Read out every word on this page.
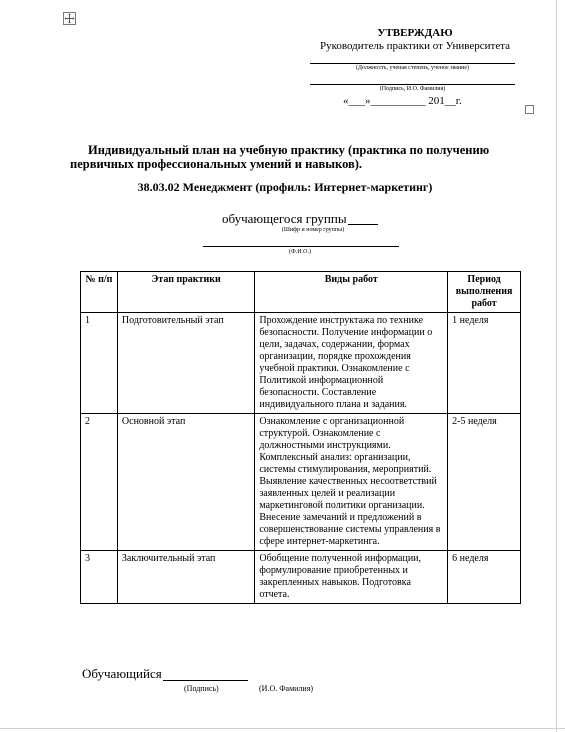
УТВЕРЖДАЮ
Руководитель практики от Университета
(Должность, ученая степень, ученое звание)
(Подпись, И.О. Фамилия)
«___»__________ 201__г.
Индивидуальный план на учебную практику (практика по получению первичных профессиональных умений и навыков).
38.03.02 Менеджмент (профиль: Интернет-маркетинг)
обучающегося группы
(Шифр и номер группы)
(Ф.И.О.)
№ п/п	Этап практики	Виды работ	Период выполнения работ
1	Подготовительный этап	Прохождение инструктажа по технике безопасности. Получение информации о цели, задачах, содержании, формах организации, порядке прохождения учебной практики. Ознакомление с Политикой информационной безопасности. Составление индивидуального плана и задания.	1 неделя
2	Основной этап	Ознакомление с организационной структурой. Ознакомление с должностными инструкциями. Комплексный анализ: организации, системы стимулирования, мероприятий. Выявление качественных несоответствий заявленных целей и реализации маркетинговой политики организации. Внесение замечаний и предложений в совершенствование системы управления в сфере интернет-маркетинга.	2-5 неделя
3	Заключительный этап	Обобщение полученной информации, формулирование приобретенных и закрепленных навыков. Подготовка отчета.	6 неделя
Обучающийся
(Подпись)	(И.О. Фамилия)
